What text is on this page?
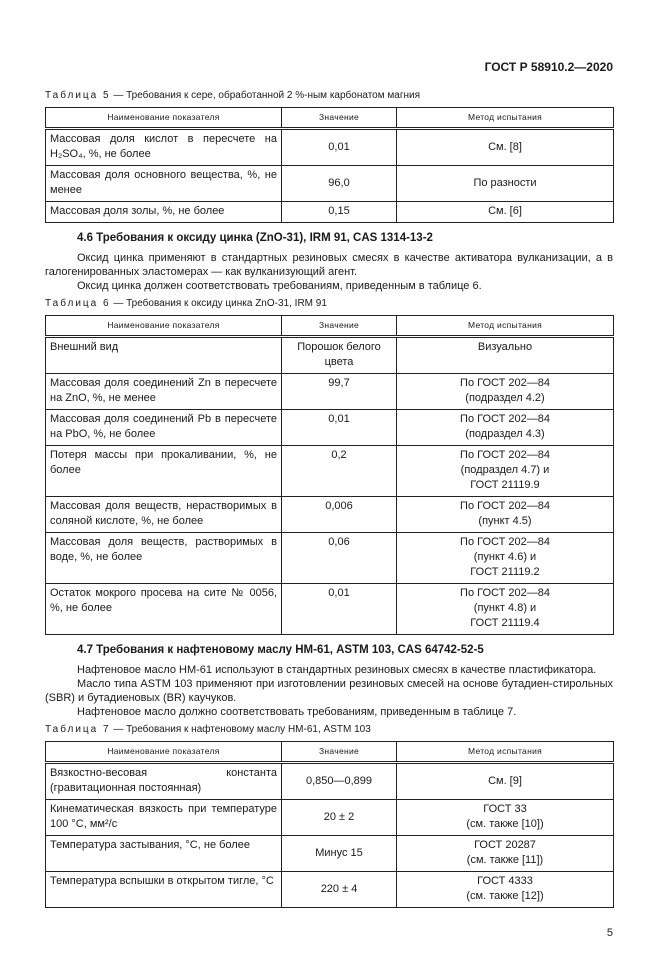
ГОСТ Р 58910.2—2020
Таблица 5 — Требования к сере, обработанной 2 %-ным карбонатом магния
Наименование показателя	Значение	Метод испытания
Массовая доля кислот в пересчете на H₂SO₄, %, не более	0,01	См. [8]
Массовая доля основного вещества, %, не менее	96,0	По разности
Массовая доля золы, %, не более	0,15	См. [6]
4.6 Требования к оксиду цинка (ZnO-31), IRM 91, CAS 1314-13-2
Оксид цинка применяют в стандартных резиновых смесях в качестве активатора вулканизации, а в галогенированных эластомерах — как вулканизующий агент.
Оксид цинка должен соответствовать требованиям, приведенным в таблице 6.
Таблица 6 — Требования к оксиду цинка ZnO-31, IRM 91
Наименование показателя	Значение	Метод испытания
Внешний вид	Порошок белого цвета	Визуально
Массовая доля соединений Zn в пересчете на ZnO, %, не менее	99,7	По ГОСТ 202—84
(подраздел 4.2)
Массовая доля соединений Pb в пересчете на PbO, %, не более	0,01	По ГОСТ 202—84
(подраздел 4.3)
Потеря массы при прокаливании, %, не более	0,2	По ГОСТ 202—84
(подраздел 4.7) и
ГОСТ 21119.9
Массовая доля веществ, нерастворимых в соляной кислоте, %, не более	0,006	По ГОСТ 202—84
(пункт 4.5)
Массовая доля веществ, растворимых в воде, %, не более	0,06	По ГОСТ 202—84
(пункт 4.6) и
ГОСТ 21119.2
Остаток мокрого просева на сите № 0056, %, не более	0,01	По ГОСТ 202—84
(пункт 4.8) и
ГОСТ 21119.4
4.7 Требования к нафтеновому маслу НМ-61, ASTM 103, CAS 64742-52-5
Нафтеновое масло НМ-61 используют в стандартных резиновых смесях в качестве пластификатора.
Масло типа ASTM 103 применяют при изготовлении резиновых смесей на основе бутадиен-стирольных (SBR) и бутадиеновых (BR) каучуков.
Нафтеновое масло должно соответствовать требованиям, приведенным в таблице 7.
Таблица 7 — Требования к нафтеновому маслу НМ-61, ASTM 103
Наименование показателя	Значение	Метод испытания
Вязкостно-весовая константа (гравитационная постоянная)	0,850—0,899	См. [9]
Кинематическая вязкость при температуре 100 °С, мм²/с	20 ± 2	ГОСТ 33
(см. также [10])
Температура застывания, °С, не более	Минус 15	ГОСТ 20287
(см. также [11])
Температура вспышки в открытом тигле, °С	220 ± 4	ГОСТ 4333
(см. также [12])
5
